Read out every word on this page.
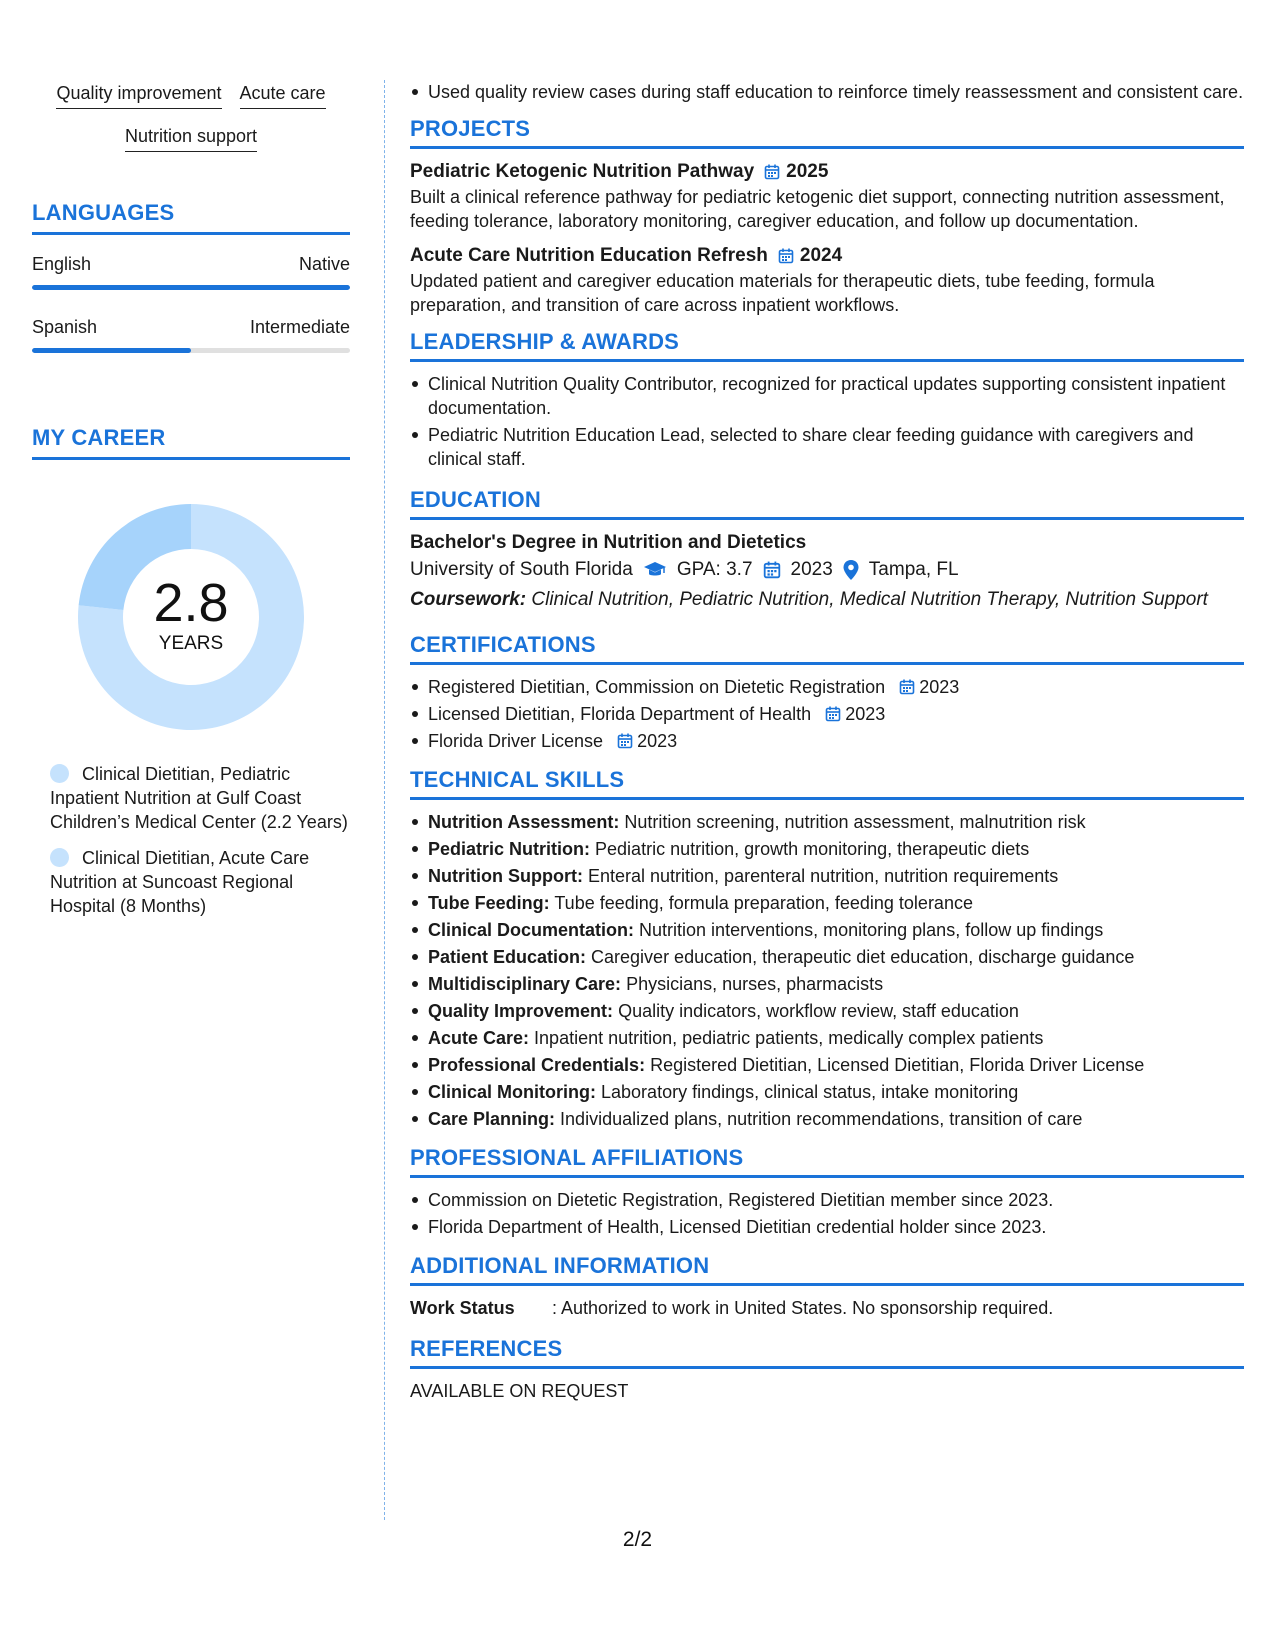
Quality improvement Acute care
Nutrition support
LANGUAGES
English	Native
Spanish	Intermediate
MY CAREER
2.8
YEARS
Clinical Dietitian, Pediatric Inpatient Nutrition at Gulf Coast Children’s Medical Center (2.2 Years)
Clinical Dietitian, Acute Care Nutrition at Suncoast Regional Hospital (8 Months)
Used quality review cases during staff education to reinforce timely reassessment and consistent care.
PROJECTS
Pediatric Ketogenic Nutrition Pathway 2025
Built a clinical reference pathway for pediatric ketogenic diet support, connecting nutrition assessment, feeding tolerance, laboratory monitoring, caregiver education, and follow up documentation.
Acute Care Nutrition Education Refresh 2024
Updated patient and caregiver education materials for therapeutic diets, tube feeding, formula preparation, and transition of care across inpatient workflows.
LEADERSHIP & AWARDS
Clinical Nutrition Quality Contributor, recognized for practical updates supporting consistent inpatient documentation.
Pediatric Nutrition Education Lead, selected to share clear feeding guidance with caregivers and clinical staff.
EDUCATION
Bachelor's Degree in Nutrition and Dietetics
University of South Florida GPA: 3.7 2023 Tampa, FL
Coursework: Clinical Nutrition, Pediatric Nutrition, Medical Nutrition Therapy, Nutrition Support
CERTIFICATIONS
Registered Dietitian, Commission on Dietetic Registration 2023
Licensed Dietitian, Florida Department of Health 2023
Florida Driver License 2023
TECHNICAL SKILLS
Nutrition Assessment: Nutrition screening, nutrition assessment, malnutrition risk
Pediatric Nutrition: Pediatric nutrition, growth monitoring, therapeutic diets
Nutrition Support: Enteral nutrition, parenteral nutrition, nutrition requirements
Tube Feeding: Tube feeding, formula preparation, feeding tolerance
Clinical Documentation: Nutrition interventions, monitoring plans, follow up findings
Patient Education: Caregiver education, therapeutic diet education, discharge guidance
Multidisciplinary Care: Physicians, nurses, pharmacists
Quality Improvement: Quality indicators, workflow review, staff education
Acute Care: Inpatient nutrition, pediatric patients, medically complex patients
Professional Credentials: Registered Dietitian, Licensed Dietitian, Florida Driver License
Clinical Monitoring: Laboratory findings, clinical status, intake monitoring
Care Planning: Individualized plans, nutrition recommendations, transition of care
PROFESSIONAL AFFILIATIONS
Commission on Dietetic Registration, Registered Dietitian member since 2023.
Florida Department of Health, Licensed Dietitian credential holder since 2023.
ADDITIONAL INFORMATION
Work Status	: Authorized to work in United States. No sponsorship required.
REFERENCES
AVAILABLE ON REQUEST
2/2
